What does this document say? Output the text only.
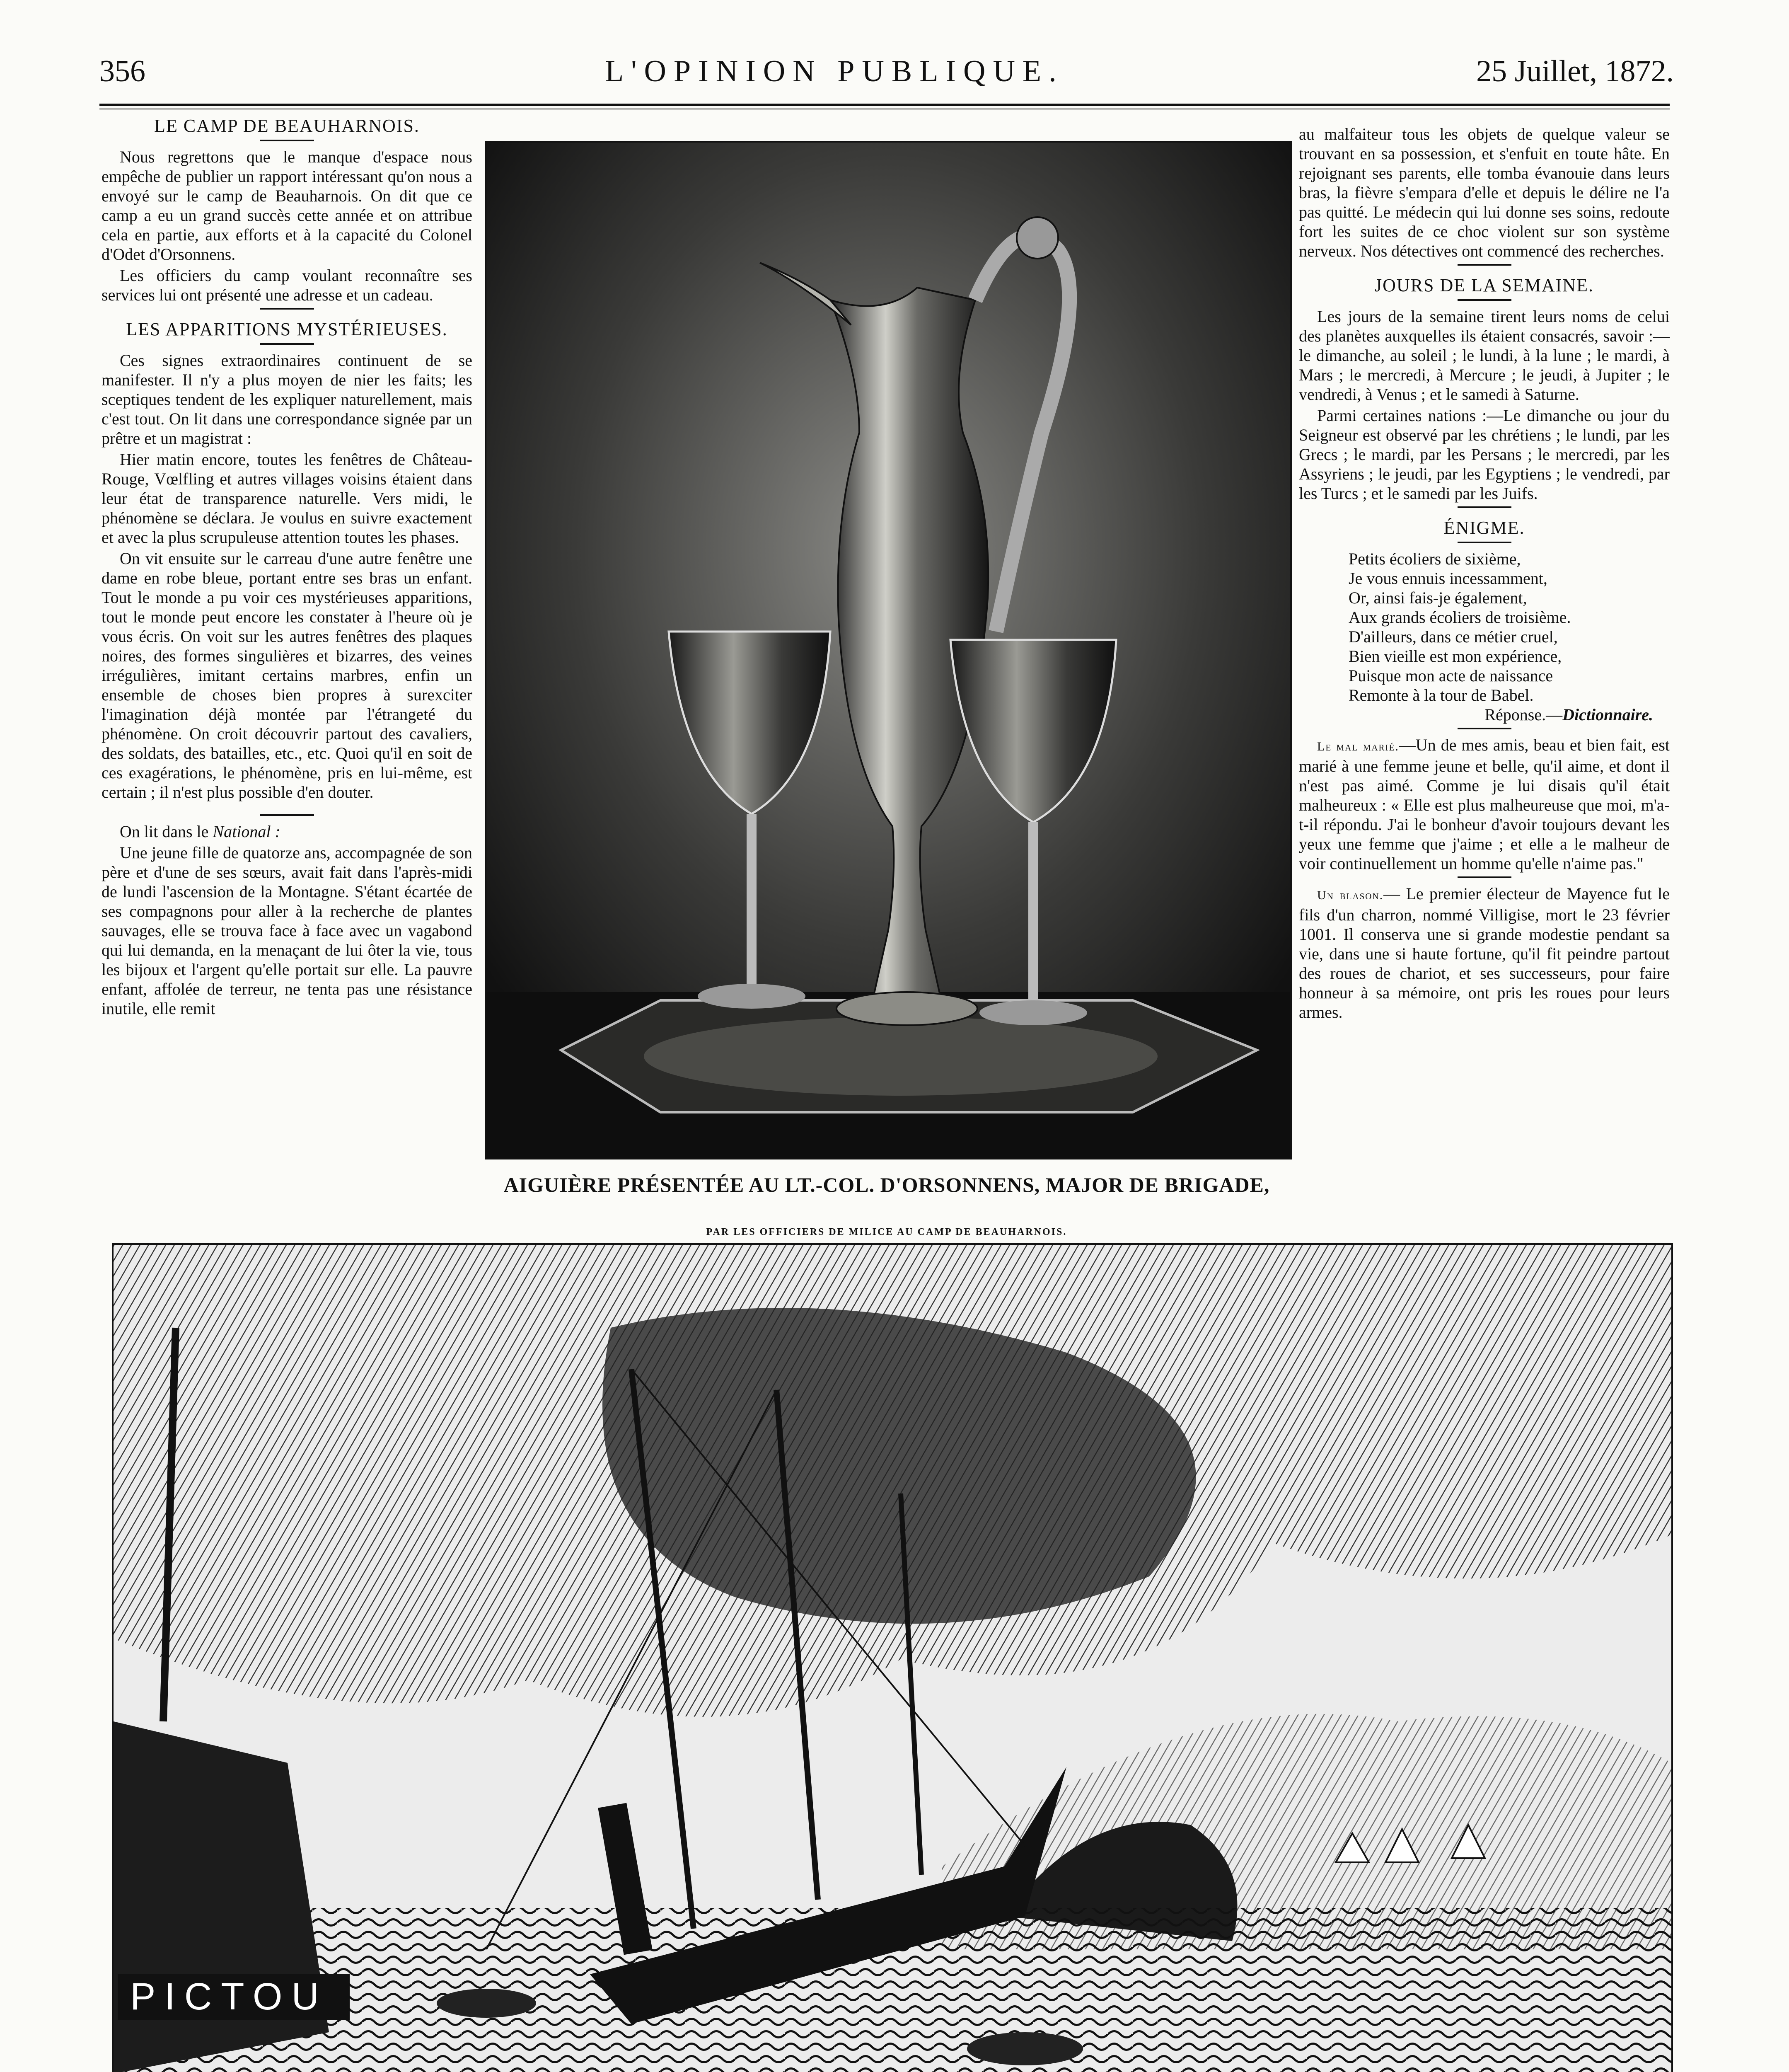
356	L'OPINION PUBLIQUE.	25 Juillet, 1872.
LE CAMP DE BEAUHARNOIS.

Nous regrettons que le manque d'espace nous empêche de publier un rapport intéressant qu'on nous a envoyé sur le camp de Beauharnois. On dit que ce camp a eu un grand succès cette année et on attribue cela en partie, aux efforts et à la capacité du Colonel d'Odet d'Orsonnens.

Les officiers du camp voulant reconnaître ses services lui ont présenté une adresse et un cadeau.

LES APPARITIONS MYSTÉRIEUSES.

Ces signes extraordinaires continuent de se manifester. Il n'y a plus moyen de nier les faits; les sceptiques tendent de les expliquer naturellement, mais c'est tout. On lit dans une correspondance signée par un prêtre et un magistrat :

Hier matin encore, toutes les fenêtres de Château-Rouge, Vœlfling et autres villages voisins étaient dans leur état de transparence naturelle. Vers midi, le phénomène se déclara. Je voulus en suivre exactement et avec la plus scrupuleuse attention toutes les phases.

On vit ensuite sur le carreau d'une autre fenêtre une dame en robe bleue, portant entre ses bras un enfant. Tout le monde a pu voir ces mystérieuses apparitions, tout le monde peut encore les constater à l'heure où je vous écris. On voit sur les autres fenêtres des plaques noires, des formes singulières et bizarres, des veines irrégulières, imitant certains marbres, enfin un ensemble de choses bien propres à surexciter l'imagination déjà montée par l'étrangeté du phénomène. On croit découvrir partout des cavaliers, des soldats, des batailles, etc., etc. Quoi qu'il en soit de ces exagérations, le phénomène, pris en lui-même, est certain ; il n'est plus possible d'en douter.

On lit dans le National :

Une jeune fille de quatorze ans, accompagnée de son père et d'une de ses sœurs, avait fait dans l'après-midi de lundi l'ascension de la Montagne. S'étant écartée de ses compagnons pour aller à la recherche de plantes sauvages, elle se trouva face à face avec un vagabond qui lui demanda, en la menaçant de lui ôter la vie, tous les bijoux et l'argent qu'elle portait sur elle. La pauvre enfant, affolée de terreur, ne tenta pas une résistance inutile, elle remit

AIGUIÈRE PRÉSENTÉE AU LT.-COL. D'ORSONNENS, MAJOR DE BRIGADE,
PAR LES OFFICIERS DE MILICE AU CAMP DE BEAUHARNOIS.

au malfaiteur tous les objets de quelque valeur se trouvant en sa possession, et s'enfuit en toute hâte. En rejoignant ses parents, elle tomba évanouie dans leurs bras, la fièvre s'empara d'elle et depuis le délire ne l'a pas quitté. Le médecin qui lui donne ses soins, redoute fort les suites de ce choc violent sur son système nerveux. Nos détectives ont commencé des recherches.

JOURS DE LA SEMAINE.

Les jours de la semaine tirent leurs noms de celui des planètes auxquelles ils étaient consacrés, savoir :—le dimanche, au soleil ; le lundi, à la lune ; le mardi, à Mars ; le mercredi, à Mercure ; le jeudi, à Jupiter ; le vendredi, à Venus ; et le samedi à Saturne.

Parmi certaines nations :—Le dimanche ou jour du Seigneur est observé par les chrétiens ; le lundi, par les Grecs ; le mardi, par les Persans ; le mercredi, par les Assyriens ; le jeudi, par les Egyptiens ; le vendredi, par les Turcs ; et le samedi par les Juifs.

ÉNIGME.
Petits écoliers de sixième,
Je vous ennuis incessamment,
Or, ainsi fais-je également,
Aux grands écoliers de troisième.
D'ailleurs, dans ce métier cruel,
Bien vieille est mon expérience,
Puisque mon acte de naissance
Remonte à la tour de Babel.
Réponse.—Dictionnaire.

Le mal marié.—Un de mes amis, beau et bien fait, est marié à une femme jeune et belle, qu'il aime, et dont il n'est pas aimé. Comme je lui disais qu'il était malheureux : « Elle est plus malheureuse que moi, m'a-t-il répondu. J'ai le bonheur d'avoir toujours devant les yeux une femme que j'aime ; et elle a le malheur de voir continuellement un homme qu'elle n'aime pas."

Un blason.— Le premier électeur de Mayence fut le fils d'un charron, nommé Villigise, mort le 23 février 1001. Il conserva une si grande modestie pendant sa vie, dans une si haute fortune, qu'il fit peindre partout des roues de chariot, et ses successeurs, pour faire honneur à sa mémoire, ont pris les roues pour leurs armes.

PICTOU
